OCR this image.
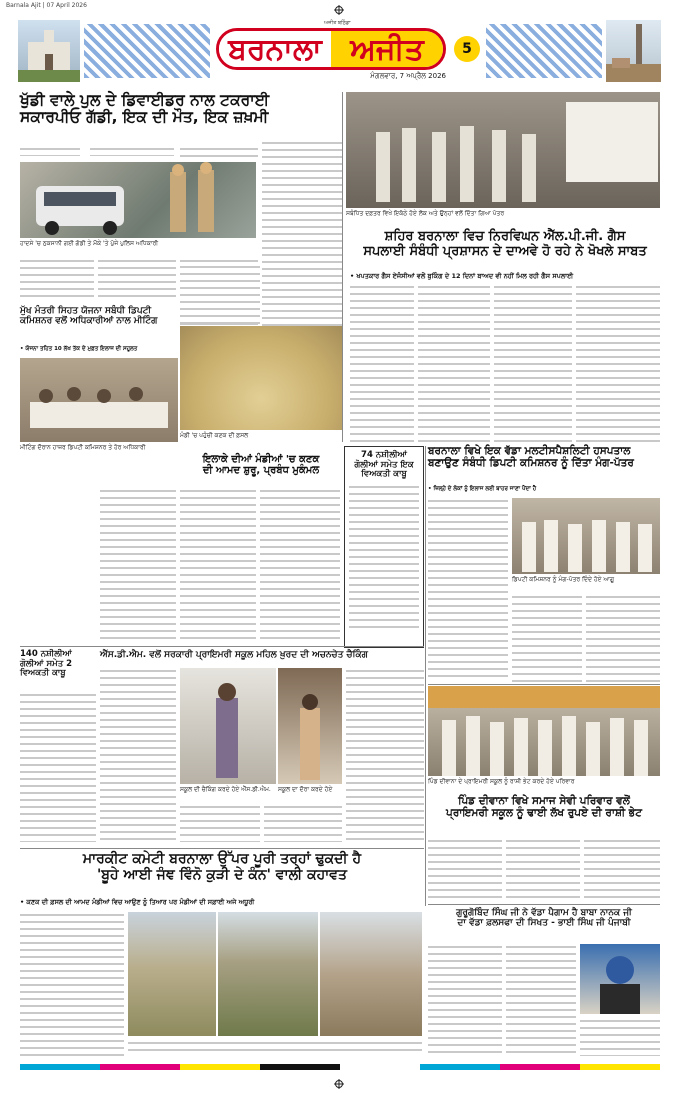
Barnala Ajit | 07 April 2026
ਅਜੀਤ ਬਠਿੰਡਾ
ਬਰਨਾਲਾ ਅਜੀਤ
ਮੰਗਲਵਾਰ, 7 ਅਪ੍ਰੈਲ 2026
5
ਖੁੱਡੀ ਵਾਲੇ ਪੁਲ ਦੇ ਡਿਵਾਈਡਰ ਨਾਲ ਟਕਰਾਈ
ਸਕਾਰਪੀਓ ਗੱਡੀ, ਇਕ ਦੀ ਮੌਤ, ਇਕ ਜ਼ਖ਼ਮੀ
ਹਾਦਸੇ 'ਚ ਨੁਕਸਾਨੀ ਗਈ ਗੱਡੀ ਤੇ ਮੌਕੇ 'ਤੇ ਪੁੱਜੇ ਪੁਲਿਸ ਅਧਿਕਾਰੀ
ਸਬੰਧਿਤ ਦਫ਼ਤਰ ਵਿਖੇ ਇਕੱਠੇ ਹੋਏ ਲੋਕ ਅਤੇ ਉਨ੍ਹਾਂ ਵਲੋਂ ਦਿੱਤਾ ਗਿਆ ਪੱਤਰ
ਸ਼ਹਿਰ ਬਰਨਾਲਾ ਵਿਚ ਨਿਰਵਿਘਨ ਐੱਲ.ਪੀ.ਜੀ. ਗੈਸ
ਸਪਲਾਈ ਸੰਬੰਧੀ ਪ੍ਰਸ਼ਾਸਨ ਦੇ ਦਾਅਵੇ ਹੋ ਰਹੇ ਨੇ ਖੋਖਲੇ ਸਾਬਤ
• ਖਪਤਕਾਰ ਗੈਸ ਏਜੰਸੀਆਂ ਵਲੋਂ ਬੁਕਿੰਗ ਦੇ 12 ਦਿਨਾਂ ਬਾਅਦ ਵੀ ਨਹੀਂ ਮਿਲ ਰਹੀ ਗੈਸ ਸਪਲਾਈ
ਮੁੱਖ ਮੰਤਰੀ ਸਿਹਤ ਯੋਜਨਾ ਸਬੰਧੀ ਡਿਪਟੀ
ਕਮਿਸ਼ਨਰ ਵਲੋਂ ਅਧਿਕਾਰੀਆਂ ਨਾਲ ਮੀਟਿੰਗ
• ਯੋਜਨਾ ਤਹਿਤ 10 ਲੱਖ ਤੱਕ ਦੇ ਮੁਫ਼ਤ ਇਲਾਜ ਦੀ ਸਹੂਲਤ
ਮੀਟਿੰਗ ਦੌਰਾਨ ਹਾਜ਼ਰ ਡਿਪਟੀ ਕਮਿਸ਼ਨਰ ਤੇ ਹੋਰ ਅਧਿਕਾਰੀ
ਮੰਡੀ 'ਚ ਪਹੁੰਚੀ ਕਣਕ ਦੀ ਫ਼ਸਲ
ਇਲਾਕੇ ਦੀਆਂ ਮੰਡੀਆਂ 'ਚ ਕਣਕ
ਦੀ ਆਮਦ ਸ਼ੁਰੂ, ਪ੍ਰਬੰਧ ਮੁਕੰਮਲ
74 ਨਸ਼ੀਲੀਆਂ
ਗੋਲੀਆਂ ਸਮੇਤ ਇਕ
ਵਿਅਕਤੀ ਕਾਬੂ
ਬਰਨਾਲਾ ਵਿਖੇ ਇਕ ਵੱਡਾ ਮਲਟੀਸਪੈਸ਼ਲਿਟੀ ਹਸਪਤਾਲ
ਬਣਾਉਣ ਸੰਬੰਧੀ ਡਿਪਟੀ ਕਮਿਸ਼ਨਰ ਨੂੰ ਦਿੱਤਾ ਮੰਗ-ਪੱਤਰ
• ਜ਼ਿਲ੍ਹੇ ਦੇ ਲੋਕਾਂ ਨੂੰ ਇਲਾਜ ਲਈ ਬਾਹਰ ਜਾਣਾ ਪੈਂਦਾ ਹੈ
ਡਿਪਟੀ ਕਮਿਸ਼ਨਰ ਨੂੰ ਮੰਗ-ਪੱਤਰ ਦਿੰਦੇ ਹੋਏ ਆਗੂ
140 ਨਸ਼ੀਲੀਆਂ
ਗੋਲੀਆਂ ਸਮੇਤ 2
ਵਿਅਕਤੀ ਕਾਬੂ
ਐੱਸ.ਡੀ.ਐਮ. ਵਲੋਂ ਸਰਕਾਰੀ ਪ੍ਰਾਇਮਰੀ ਸਕੂਲ ਮਹਿਲ ਖ਼ੁਰਦ ਦੀ ਅਚਨਚੇਤ ਚੈਕਿੰਗ
ਸਕੂਲ ਦੀ ਚੈਕਿੰਗ ਕਰਦੇ ਹੋਏ ਐੱਸ.ਡੀ.ਐਮ.	ਸਕੂਲ ਦਾ ਦੌਰਾ ਕਰਦੇ ਹੋਏ
ਪਿੰਡ ਦੀਵਾਨਾ ਦੇ ਪ੍ਰਾਇਮਰੀ ਸਕੂਲ ਨੂੰ ਰਾਸ਼ੀ ਭੇਟ ਕਰਦੇ ਹੋਏ ਪਰਿਵਾਰ
ਪਿੰਡ ਦੀਵਾਨਾ ਵਿਖੇ ਸਮਾਜ ਸੇਵੀ ਪਰਿਵਾਰ ਵਲੋਂ
ਪ੍ਰਾਇਮਰੀ ਸਕੂਲ ਨੂੰ ਢਾਈ ਲੱਖ ਰੁਪਏ ਦੀ ਰਾਸ਼ੀ ਭੇਟ
ਮਾਰਕੀਟ ਕਮੇਟੀ ਬਰਨਾਲਾ ਉੱਪਰ ਪੂਰੀ ਤਰ੍ਹਾਂ ਢੁਕਦੀ ਹੈ
'ਬੂਹੇ ਆਈ ਜੰਞ ਵਿੰਨੋ ਕੁੜੀ ਦੇ ਕੰਨ' ਵਾਲੀ ਕਹਾਵਤ
• ਕਣਕ ਦੀ ਫ਼ਸਲ ਦੀ ਆਮਦ ਮੰਡੀਆਂ ਵਿਚ ਆਉਣ ਨੂੰ ਤਿਆਰ ਪਰ ਮੰਡੀਆਂ ਦੀ ਸਫ਼ਾਈ ਅਜੇ ਅਧੂਰੀ
ਗੁਰੂਗੋਬਿੰਦ ਸਿੰਘ ਜੀ ਨੇ ਵੱਡਾ ਪੈਗਾਮ ਹੈ ਬਾਬਾ ਨਾਨਕ ਜੀ
ਦਾ ਵੱਡਾ ਫ਼ਲਸਫਾ ਦੀ ਸਿਖਤ - ਭਾਈ ਸਿੰਘ ਜੀ ਪੰਜਾਬੀ
